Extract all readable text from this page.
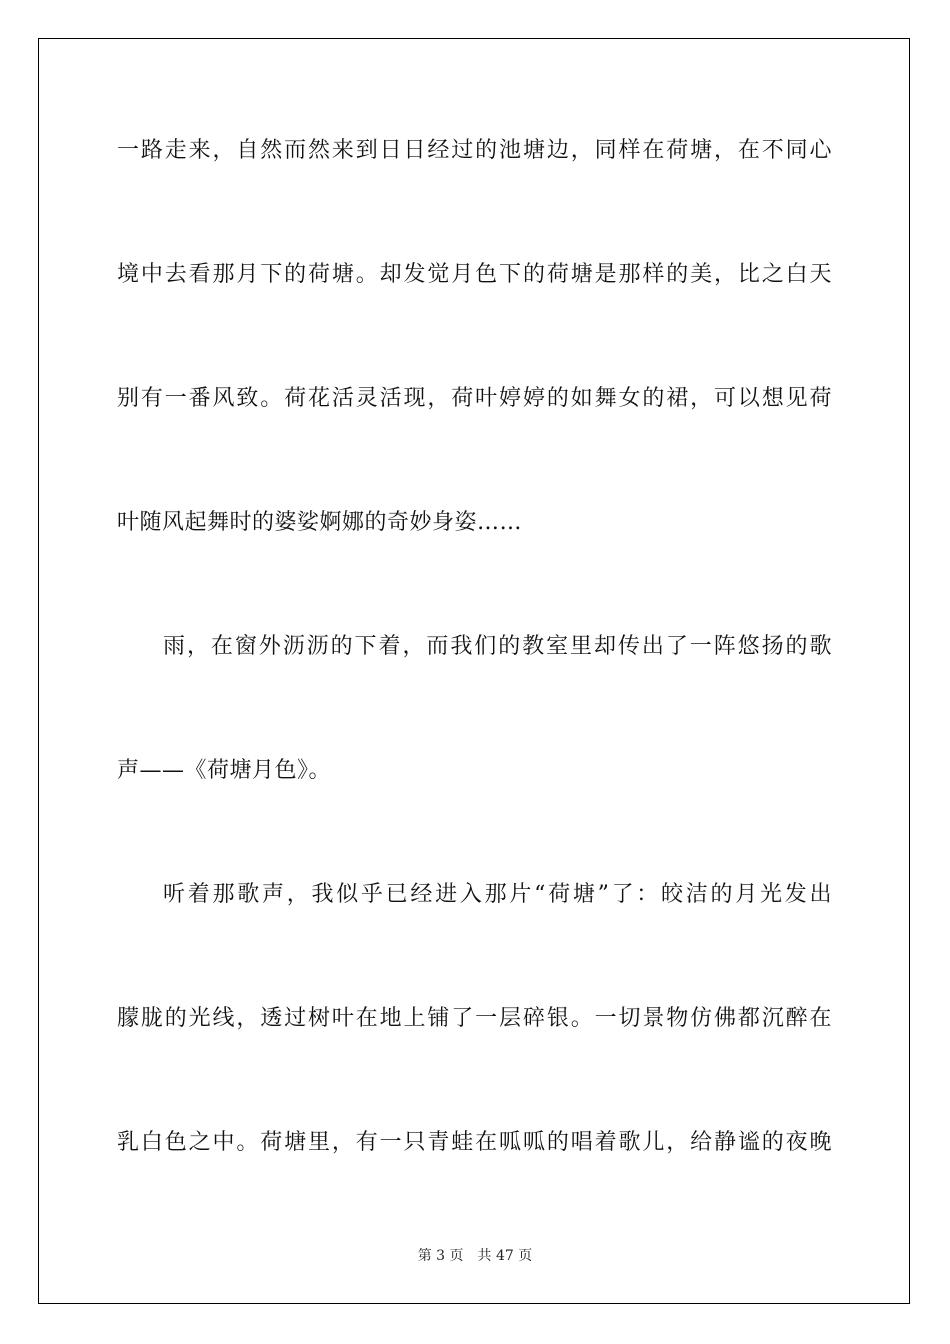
一路走来，自然而然来到日日经过的池塘边，同样在荷塘，在不同心
境中去看那月下的荷塘。却发觉月色下的荷塘是那样的美，比之白天
别有一番风致。荷花活灵活现，荷叶婷婷的如舞女的裙，可以想见荷
叶随风起舞时的婆娑婀娜的奇妙身姿……
雨，在窗外沥沥的下着，而我们的教室里却传出了一阵悠扬的歌
声——《荷塘月色》。
听着那歌声，我似乎已经进入那片“荷塘”了：皎洁的月光发出
朦胧的光线，透过树叶在地上铺了一层碎银。一切景物仿佛都沉醉在
乳白色之中。荷塘里，有一只青蛙在呱呱的唱着歌儿，给静谧的夜晚
第 3 页　共 47 页
